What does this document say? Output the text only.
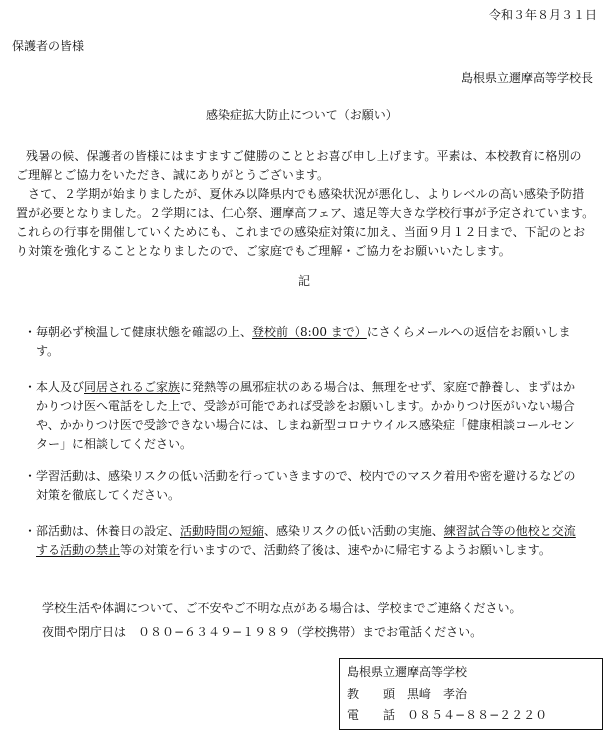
令和３年８月３１日
保護者の皆様
島根県立邇摩高等学校長
感染症拡大防止について（お願い）
残暑の候、保護者の皆様にはますますご健勝のこととお喜び申し上げます。平素は、本校教育に格別の
ご理解とご協力をいただき、誠にありがとうございます。
さて、２学期が始まりましたが、夏休み以降県内でも感染状況が悪化し、よりレベルの高い感染予防措
置が必要となりました。２学期には、仁心祭、邇摩高フェア、遠足等大きな学校行事が予定されています。
これらの行事を開催していくためにも、これまでの感染症対策に加え、当面９月１２日まで、下記のとお
り対策を強化することとなりましたので、ご家庭でもご理解・ご協力をお願いいたします。
記
・ 毎朝必ず検温して健康状態を確認の上、登校前（8:00 まで）にさくらメールへの返信をお願いしま
す。
・ 本人及び同居されるご家族に発熱等の風邪症状のある場合は、無理をせず、家庭で静養し、まずはか
かりつけ医へ電話をした上で、受診が可能であれば受診をお願いします。かかりつけ医がいない場合
や、かかりつけ医で受診できない場合には、しまね新型コロナウイルス感染症「健康相談コールセン
ター」に相談してください。
・ 学習活動は、感染リスクの低い活動を行っていきますので、校内でのマスク着用や密を避けるなどの
対策を徹底してください。
・ 部活動は、休養日の設定、活動時間の短縮、感染リスクの低い活動の実施、練習試合等の他校と交流
する活動の禁止等の対策を行いますので、活動終了後は、速やかに帰宅するようお願いします。
学校生活や体調について、ご不安やご不明な点がある場合は、学校までご連絡ください。
夜間や閉庁日は　０８０−６３４９−１９８９（学校携帯）までお電話ください。
島根県立邇摩高等学校
教　　頭 黒﨑　孝治
電　　話 ０８５４−８８−２２２０
